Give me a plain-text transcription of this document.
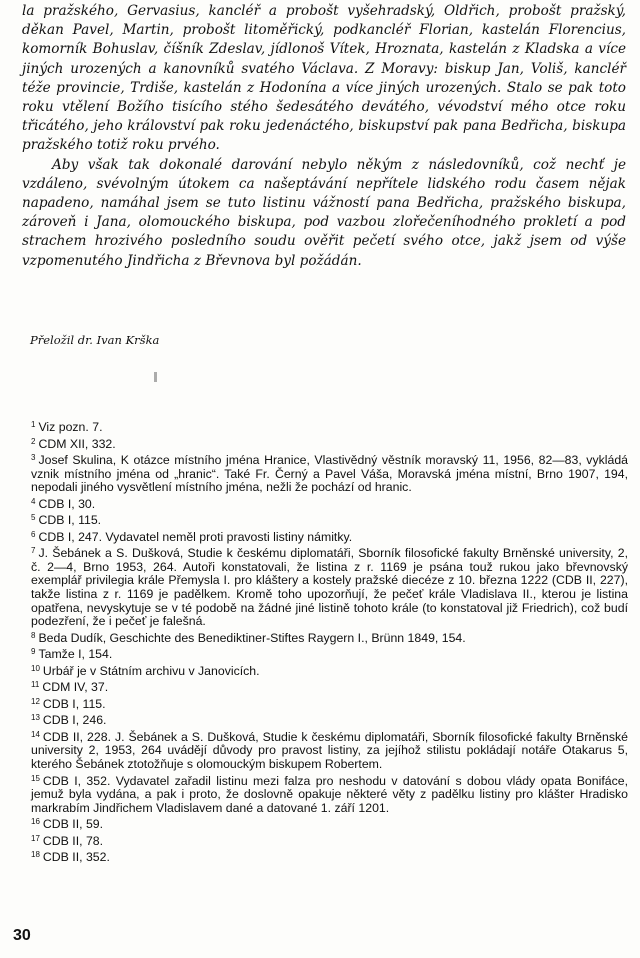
la pražského, Gervasius, kancléř a probošt vyšehradský, Oldřich, probošt pražský, děkan Pavel, Martin, probošt litoměřický, podkancléř Florian, kastelán Florencius, komorník Bohuslav, číšník Zdeslav, jídlonoš Vítek, Hroznata, kastelán z Kladska a více jiných urozených a kanovníků svatého Václava. Z Moravy: biskup Jan, Voliš, kancléř téže provincie, Trdiše, kastelán z Hodonína a více jiných urozených. Stalo se pak toto roku vtělení Božího tisícího stého šedesátého devátého, vévodství mého otce roku třicátého, jeho království pak roku jedenáctého, biskupství pak pana Bedřicha, biskupa pražského totiž roku prvého.

Aby však tak dokonalé darování nebylo někým z následovníků, což nechť je vzdáleno, svévolným útokem ca našeptávání nepřítele lidského rodu časem nějak napadeno, namáhal jsem se tuto listinu vážností pana Bedřicha, pražského biskupa, zároveň i Jana, olomouckého biskupa, pod vazbou zlořečeníhodného prokletí a pod strachem hrozivého posledního soudu ověřit pečetí svého otce, jakž jsem od výše vzpomenutého Jindřicha z Břevnova byl požádán.

Přeložil dr. Ivan Krška
$^1$ Viz pozn. 7.
$^2$ CDM XII, 332.
$^3$ Josef Skulina, K otázce místního jména Hranice, Vlastivědný věstník moravský 11, 1956, 82—83, vykládá vznik místního jména od „hranic“. Také Fr. Černý a Pavel Váša, Moravská jména místní, Brno 1907, 194, nepodali jiného vysvětlení místního jména, nežli že pochází od hranic.
$^4$ CDB I, 30.
$^5$ CDB I, 115.
$^6$ CDB I, 247. Vydavatel neměl proti pravosti listiny námitky.
$^7$ J. Šebánek a S. Dušková, Studie k českému diplomatáři, Sborník filosofické fakulty Brněnské university, 2, č. 2—4, Brno 1953, 264. Autoři konstatovali, že listina z r. 1169 je psána touž rukou jako břevnovský exemplář privilegia krále Přemysla I. pro kláštery a kostely pražské diecéze z 10. března 1222 (CDB II, 227), takže listina z r. 1169 je padělkem. Kromě toho upozorňují, že pečeť krále Vladislava II., kterou je listina opatřena, nevyskytuje se v té podobě na žádné jiné listině tohoto krále (to konstatoval již Friedrich), což budí podezření, že i pečeť je falešná.
$^8$ Beda Dudík, Geschichte des Benediktiner-Stiftes Raygern I., Brünn 1849, 154.
$^9$ Tamže I, 154.
$^{10}$ Urbář je v Státním archivu v Janovicích.
$^{11}$ CDM IV, 37.
$^{12}$ CDB I, 115.
$^{13}$ CDB I, 246.
$^{14}$ CDB II, 228. J. Šebánek a S. Dušková, Studie k českému diplomatáři, Sborník filosofické fakulty Brněnské university 2, 1953, 264 uvádějí důvody pro pravost listiny, za jejíhož stilistu pokládají notáře Otakarus 5, kterého Šebánek ztotožňuje s olomouckým biskupem Robertem.
$^{15}$ CDB I, 352. Vydavatel zařadil listinu mezi falza pro neshodu v datování s dobou vlády opata Bonifáce, jemuž byla vydána, a pak i proto, že doslovně opakuje některé věty z padělku listiny pro klášter Hradisko markrabím Jindřichem Vladislavem dané a datované 1. září 1201.
$^{16}$ CDB II, 59.
$^{17}$ CDB II, 78.
$^{18}$ CDB II, 352.
30
